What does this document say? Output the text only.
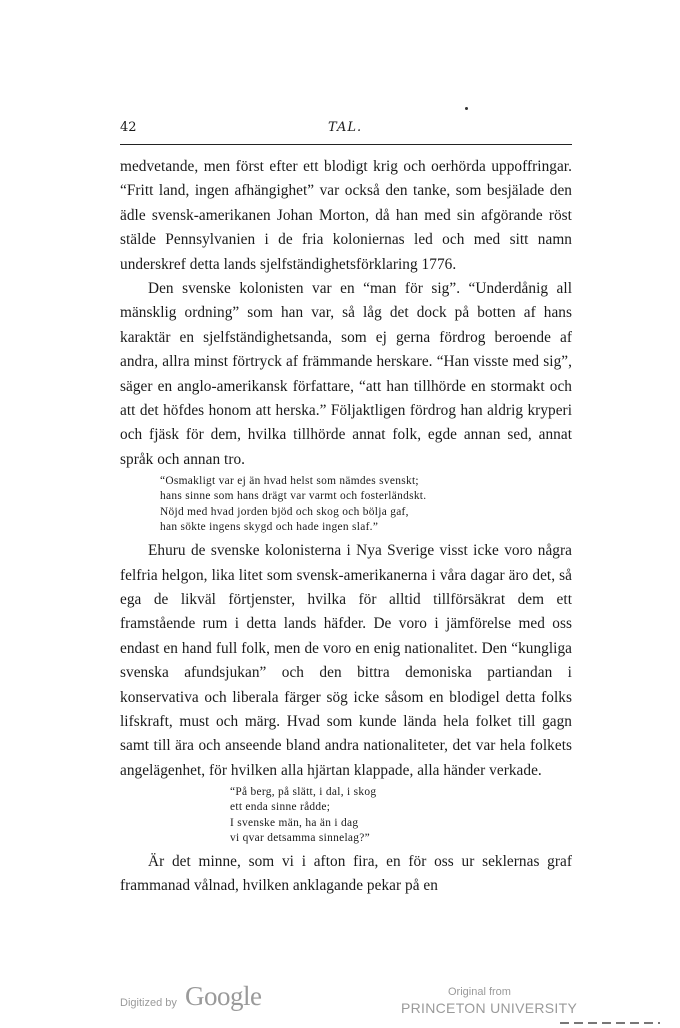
42	TAL.

medvetande, men först efter ett blodigt krig och oerhörda uppoffringar. “Fritt land, ingen afhängighet” var också den tanke, som besjälade den ädle svensk-amerikanen Johan Morton, då han med sin afgörande röst stälde Pennsylvanien i de fria koloniernas led och med sitt namn underskref detta lands sjelfständighetsförklaring 1776.

Den svenske kolonisten var en “man för sig”. “Underdånig all mänsklig ordning” som han var, så låg det dock på botten af hans karaktär en sjelfständighetsanda, som ej gerna fördrog beroende af andra, allra minst förtryck af främmande herskare. “Han visste med sig”, säger en anglo-amerikansk författare, “att han tillhörde en stormakt och att det höfdes honom att herska.” Följaktligen fördrog han aldrig kryperi och fjäsk för dem, hvilka tillhörde annat folk, egde annan sed, annat språk och annan tro.

“Osmakligt var ej än hvad helst som nämdes svenskt;
hans sinne som hans drägt var varmt och fosterländskt.
Nöjd med hvad jorden bjöd och skog och bölja gaf,
han sökte ingens skygd och hade ingen slaf.”

Ehuru de svenske kolonisterna i Nya Sverige visst icke voro några felfria helgon, lika litet som svensk-amerikanerna i våra dagar äro det, så ega de likväl förtjenster, hvilka för alltid tillförsäkrat dem ett framstående rum i detta lands häfder. De voro i jämförelse med oss endast en hand full folk, men de voro en enig nationalitet. Den “kungliga svenska afundsjukan” och den bittra demoniska partiandan i konservativa och liberala färger sög icke såsom en blodigel detta folks lifskraft, must och märg. Hvad som kunde lända hela folket till gagn samt till ära och anseende bland andra nationaliteter, det var hela folkets angelägenhet, för hvilken alla hjärtan klappade, alla händer verkade.

“På berg, på slätt, i dal, i skog
ett enda sinne rådde;
I svenske män, ha än i dag
vi qvar detsamma sinnelag?”

Är det minne, som vi i afton fira, en för oss ur seklernas graf frammanad vålnad, hvilken anklagande pekar på en

Digitized by Google	Original from
PRINCETON UNIVERSITY
